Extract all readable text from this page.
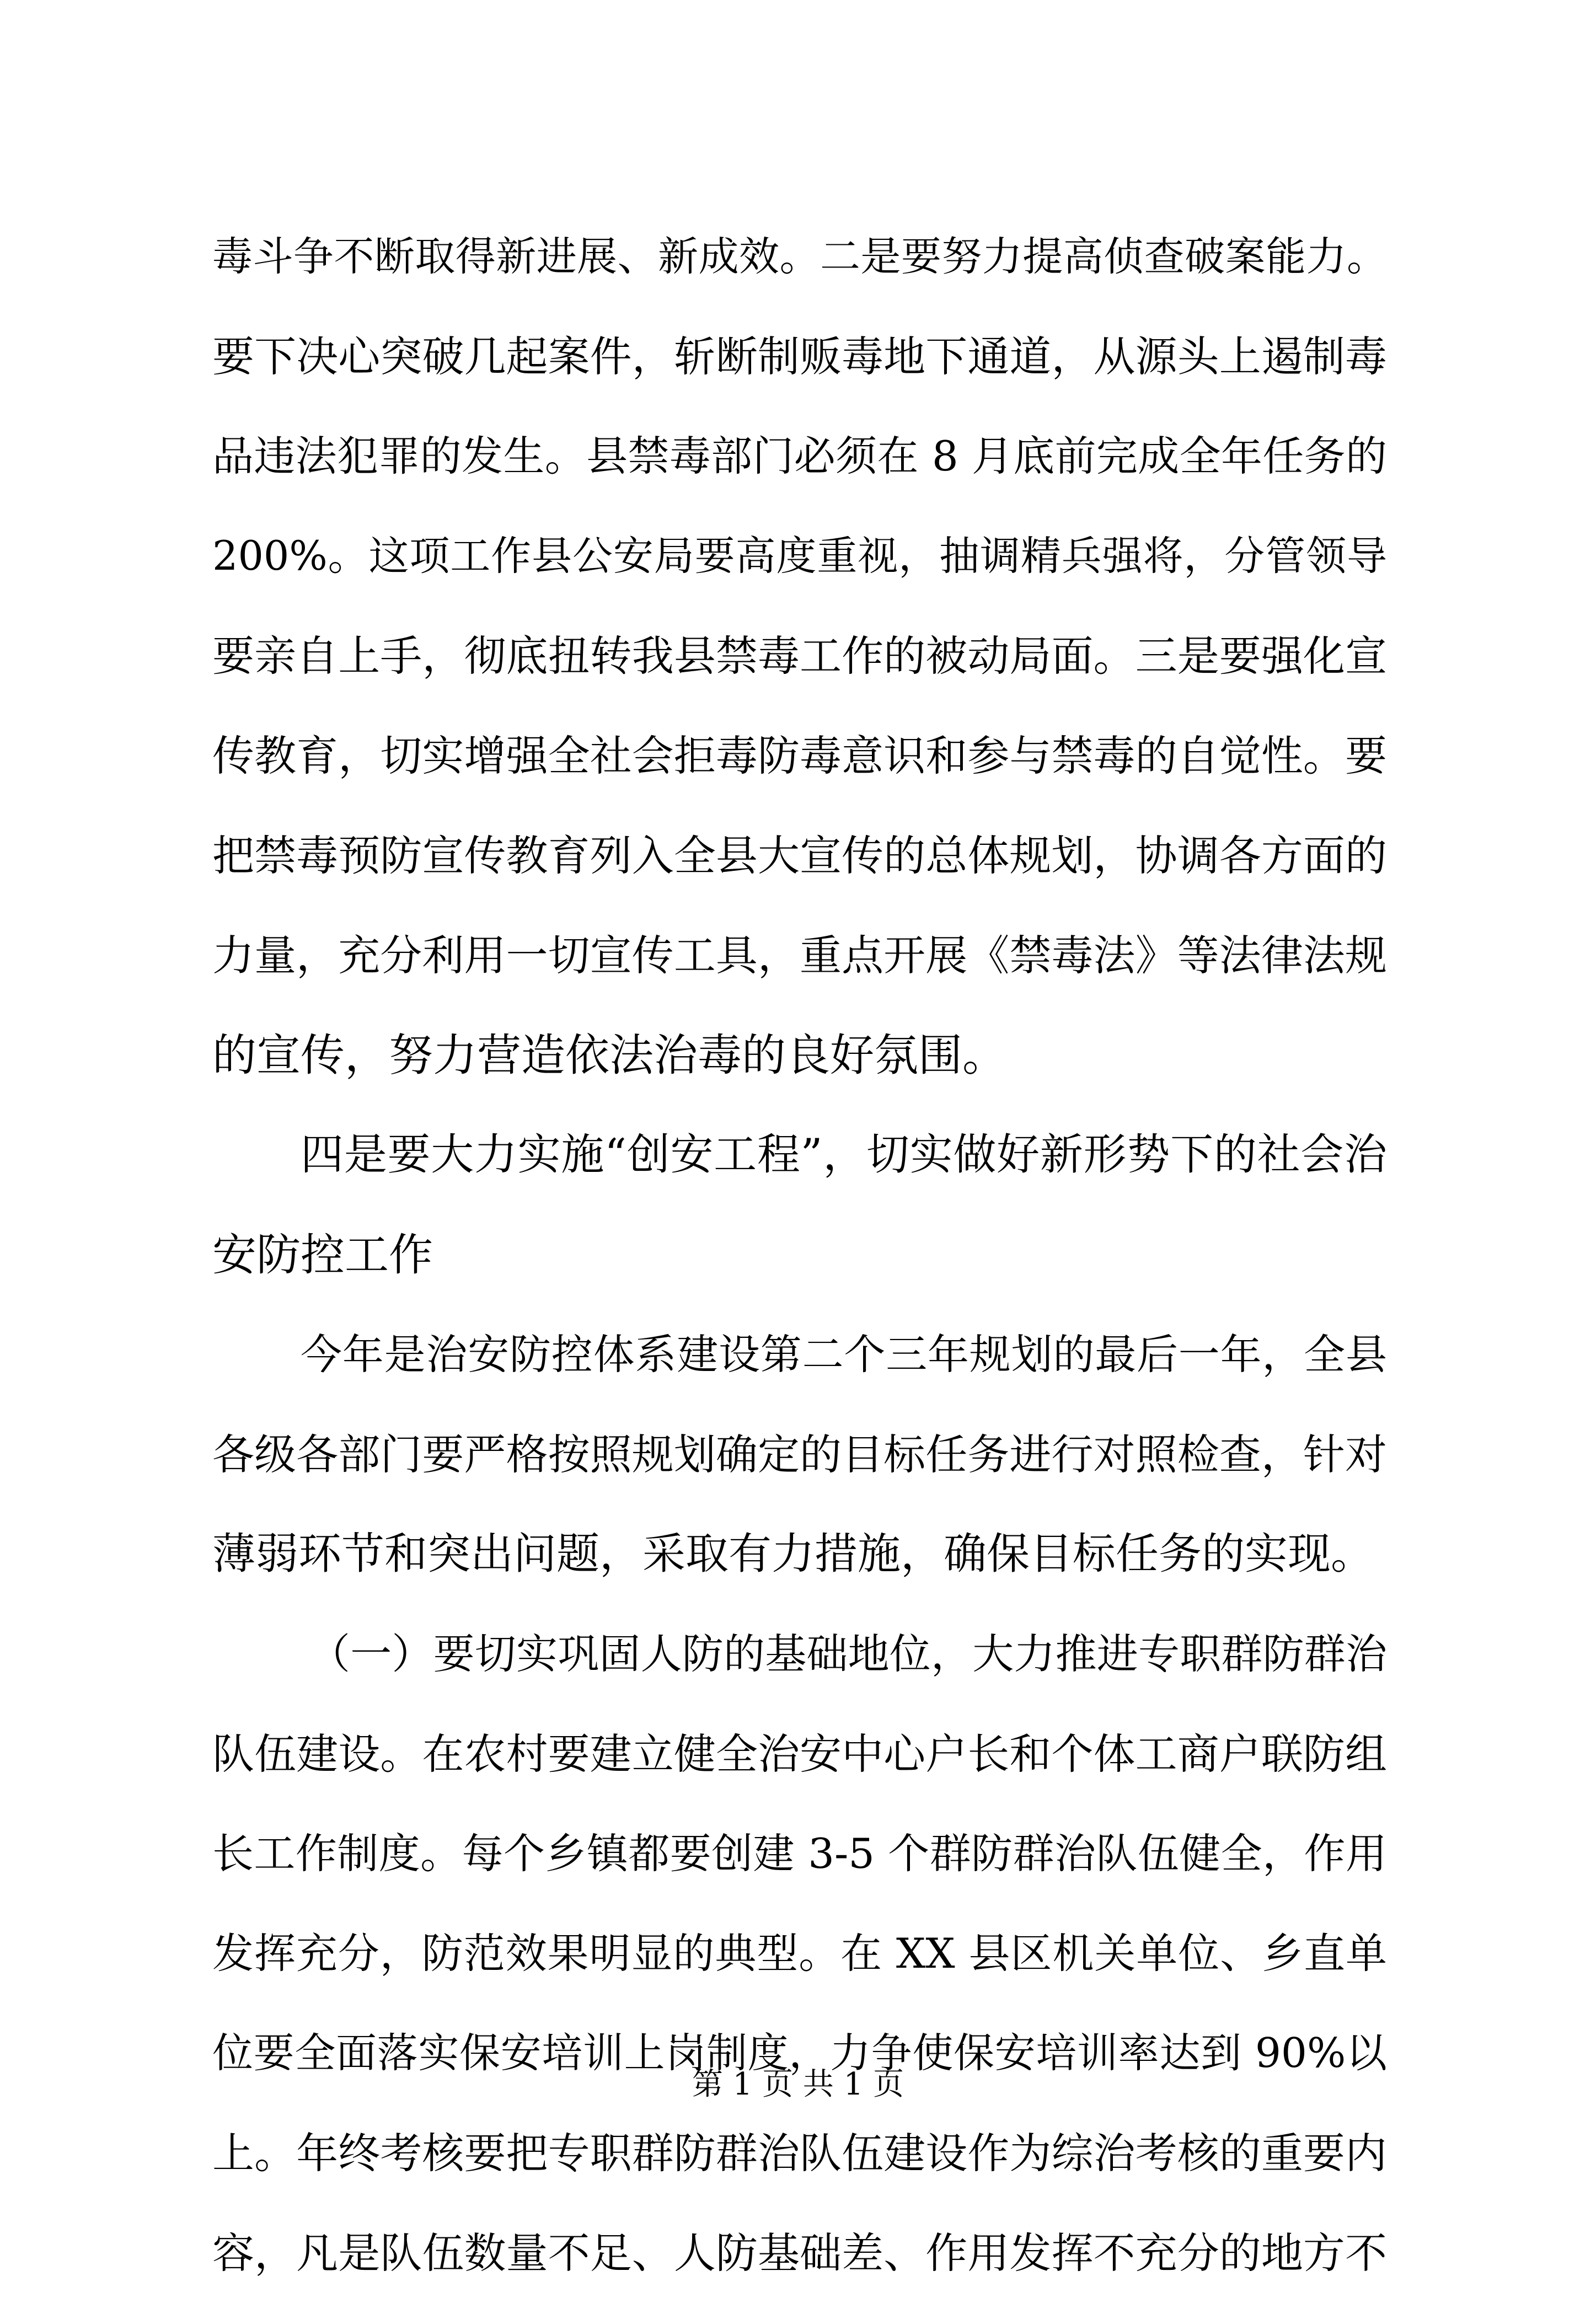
毒斗争不断取得新进展、新成效。二是要努力提高侦查破案能力。
要下决心突破几起案件，斩断制贩毒地下通道，从源头上遏制毒
品违法犯罪的发生。县禁毒部门必须在 8 月底前完成全年任务的
200%。这项工作县公安局要高度重视，抽调精兵强将，分管领导
要亲自上手，彻底扭转我县禁毒工作的被动局面。三是要强化宣
传教育，切实增强全社会拒毒防毒意识和参与禁毒的自觉性。要
把禁毒预防宣传教育列入全县大宣传的总体规划，协调各方面的
力量，充分利用一切宣传工具，重点开展《禁毒法》等法律法规
的宣传，努力营造依法治毒的良好氛围。
四是要大力实施“创安工程”，切实做好新形势下的社会治
安防控工作
今年是治安防控体系建设第二个三年规划的最后一年，全县
各级各部门要严格按照规划确定的目标任务进行对照检查，针对
薄弱环节和突出问题，采取有力措施，确保目标任务的实现。
（一）要切实巩固人防的基础地位，大力推进专职群防群治
队伍建设。在农村要建立健全治安中心户长和个体工商户联防组
长工作制度。每个乡镇都要创建 3-5 个群防群治队伍健全，作用
发挥充分，防范效果明显的典型。在 XX 县区机关单位、乡直单
位要全面落实保安培训上岗制度，力争使保安培训率达到 90%以
上。年终考核要把专职群防群治队伍建设作为综治考核的重要内
容，凡是队伍数量不足、人防基础差、作用发挥不充分的地方不
第 1 页 共 1 页
